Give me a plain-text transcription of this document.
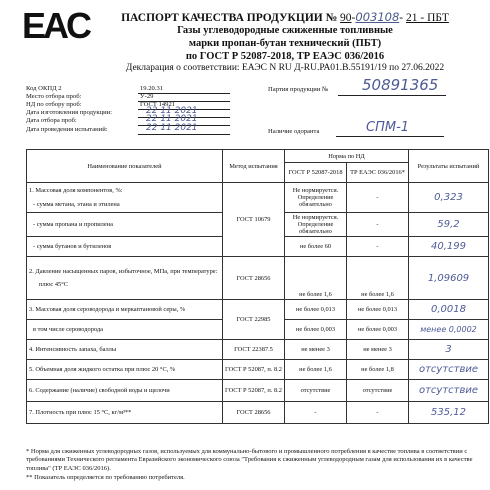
EAC	ПАСПОРТ КАЧЕСТВА ПРОДУКЦИИ № 90-003108- 21 - ПБТ
Газы углеводородные сжиженные топливные
марки пропан-бутан технический (ПБТ)
по ГОСТ Р 52087-2018, ТР ЕАЭС 036/2016
Декларация о соответствии: ЕАЭС N RU Д-RU.РА01.В.55191/19 по 27.06.2022
Код ОКПД 2	19.20.31
Место отбора проб:	У-29
НД по отбору проб:	ГОСТ 14921
Дата изготовления продукции:	22 11 2021
Дата отбора проб:	22 11 2021
Дата проведения испытаний:	22 11 2021
Партия продукции № 50891365
Наличие одоранта	СПМ-1
Наименование показателей	Метод испытания	Норма по НД		Результаты испытаний
		ГОСТ Р 52087-2018	ТР ЕАЭС 036/2016*	

1. Массовая доля компонентов, %:
- сумма метана, этана и этилена	ГОСТ 10679	Не нормируется. Определение обязательно	-	0,323
- сумма пропана и пропилена		Не нормируется. Определение обязательно	-	59,2
- сумма бутанов и бутиленов		не более 60	-	40,199

2. Давление насыщенных паров, избыточное, МПа, при температуре:
плюс 45°С	ГОСТ 28656	не более 1,6	не более 1,6	1,09609
3. Массовая доля сероводорода и меркаптановой серы, %	ГОСТ 22985	не более 0,013	не более 0,013	0,0018
в том числе сероводорода		не более 0,003	не более 0,003	менее 0,0002
4. Интенсивность запаха, баллы	ГОСТ 22387.5	не менее 3	не менее 3	3
5. Объемная доля жидкого остатка при плюс 20 °С, %	ГОСТ Р 52087, п. 8.2	не более 1,6	не более 1,8	отсутствие
6. Содержание (наличие) свободной воды и щелочи	ГОСТ Р 52087, п. 8.2	отсутствие	отсутствие	отсутствие
7. Плотность при плюс 15 °С, кг/м³**	ГОСТ 28656	-	-	535,12
* Норма для сжиженных углеводородных газов, используемых для коммунально-бытового и промышленного потребления в качестве топлива в соответствии с требованиями Технического регламента Евразийского экономического союза "Требования к сжиженным углеводородным газам для использования их в качестве топлива" (ТР ЕАЭС 036/2016).
** Показатель определяется по требованию потребителя.
